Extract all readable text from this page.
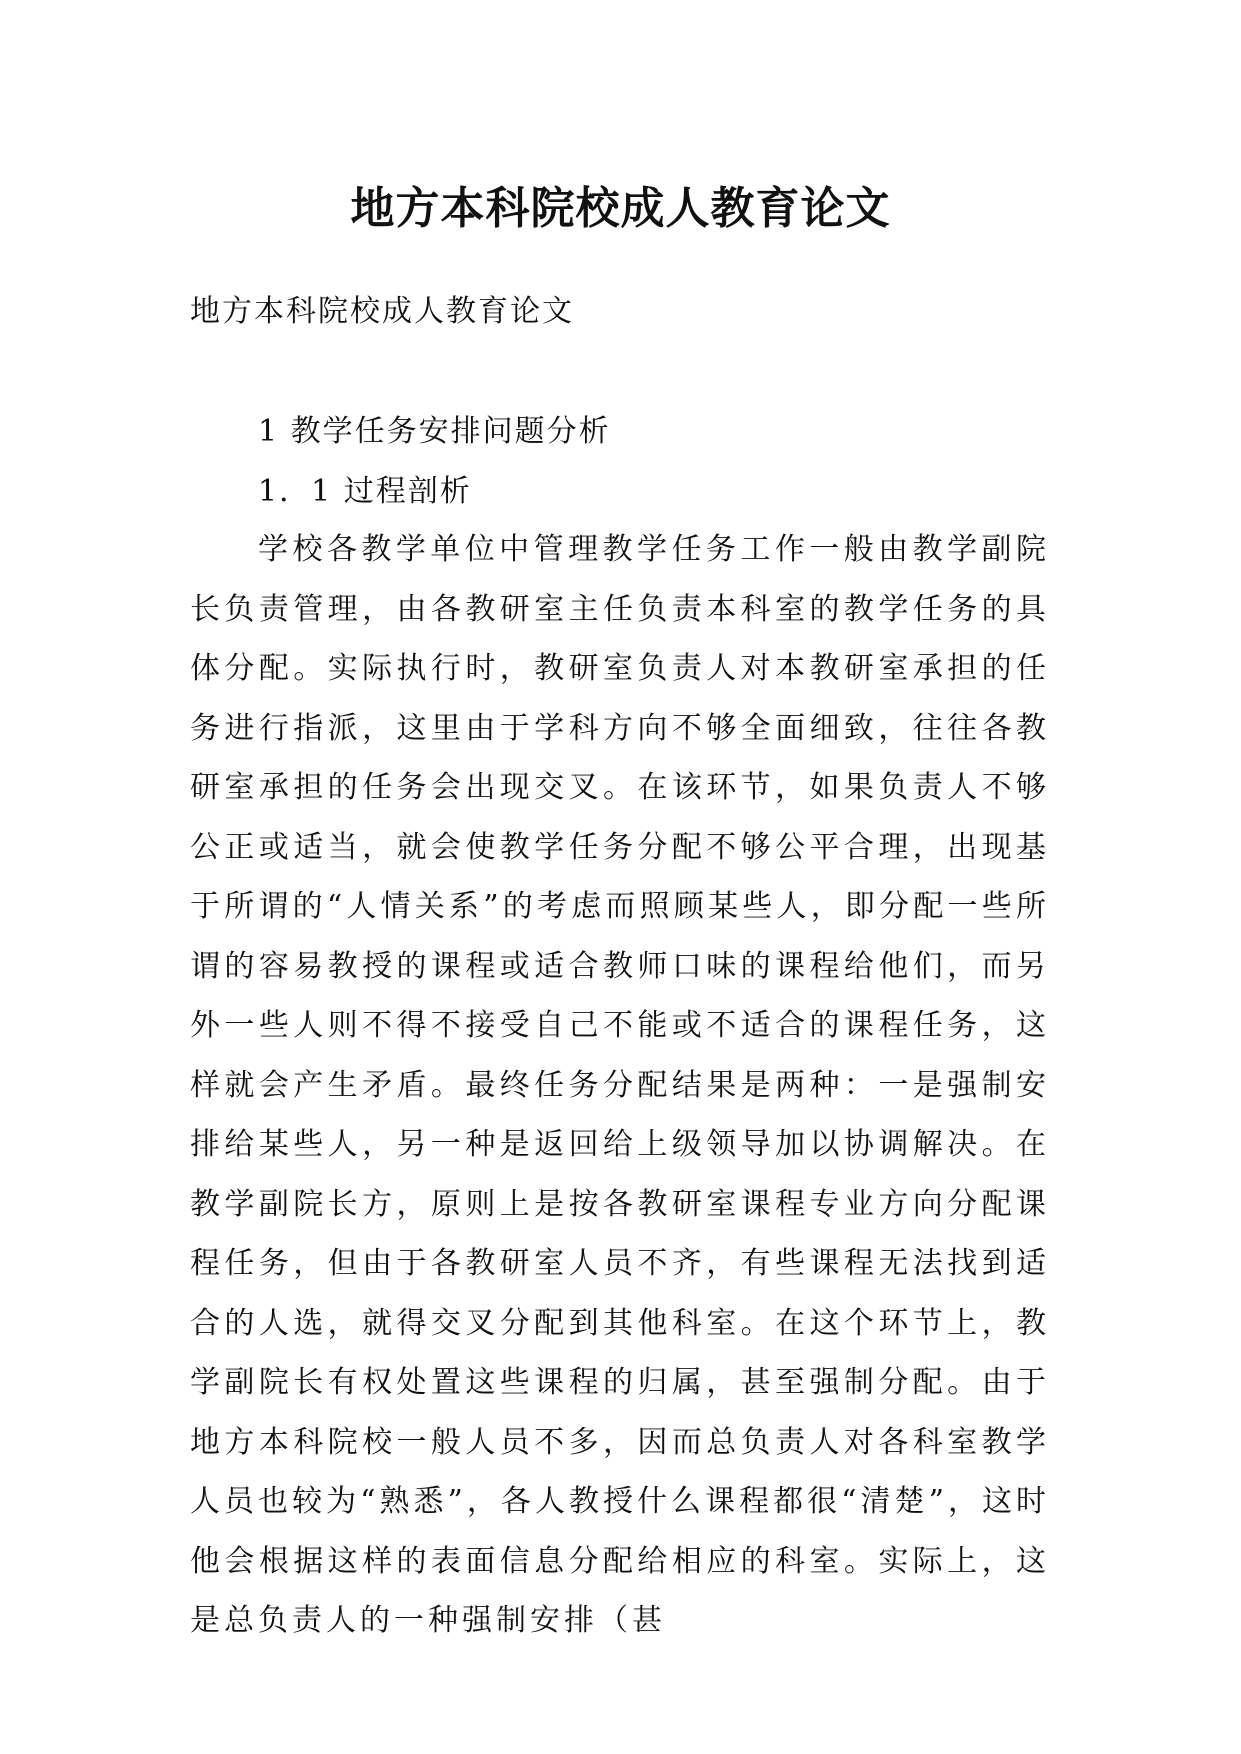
地方本科院校成人教育论文
地方本科院校成人教育论文
1 教学任务安排问题分析
1．1 过程剖析

学校各教学单位中管理教学任务工作一般由教学副院长负责管理，由各教研室主任负责本科室的教学任务的具体分配。实际执行时，教研室负责人对本教研室承担的任务进行指派，这里由于学科方向不够全面细致，往往各教研室承担的任务会出现交叉。在该环节，如果负责人不够公正或适当，就会使教学任务分配不够公平合理，出现基于所谓的“人情关系”的考虑而照顾某些人，即分配一些所谓的容易教授的课程或适合教师口味的课程给他们，而另外一些人则不得不接受自己不能或不适合的课程任务，这样就会产生矛盾。最终任务分配结果是两种：一是强制安排给某些人，另一种是返回给上级领导加以协调解决。在教学副院长方，原则上是按各教研室课程专业方向分配课程任务，但由于各教研室人员不齐，有些课程无法找到适合的人选，就得交叉分配到其他科室。在这个环节上，教学副院长有权处置这些课程的归属，甚至强制分配。由于地方本科院校一般人员不多，因而总负责人对各科室教学人员也较为“熟悉”，各人教授什么课程都很“清楚”，这时他会根据这样的表面信息分配给相应的科室。实际上，这是总负责人的一种强制安排（甚
